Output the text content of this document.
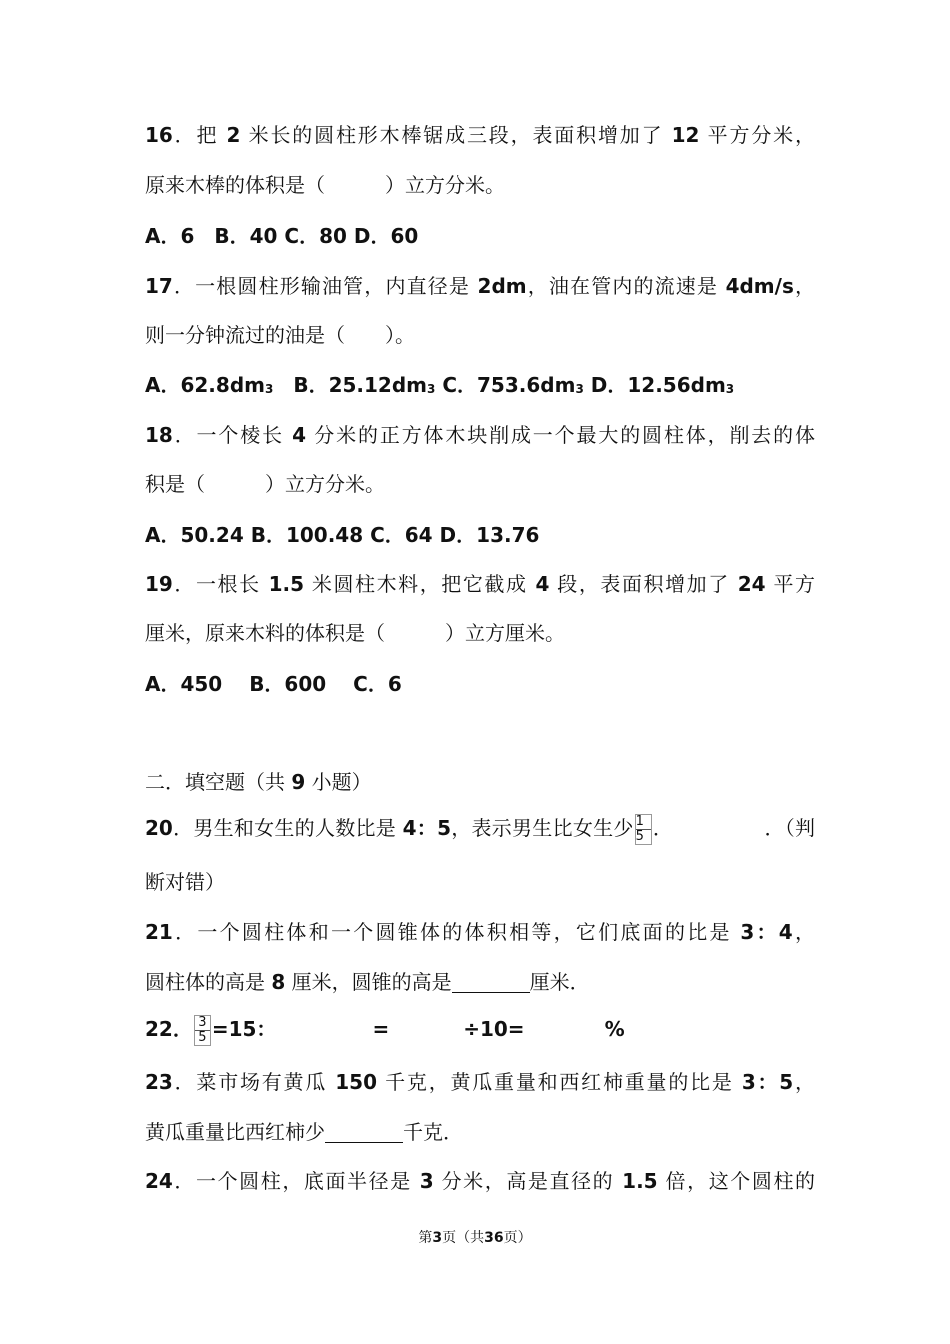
16．把 2 米长的圆柱形木棒锯成三段，表面积增加了 12 平方分米，
原来木棒的体积是（　　　）立方分米。
A．6　B．40 C．80 D．60
17．一根圆柱形输油管，内直径是 2dm，油在管内的流速是 4dm/s，
则一分钟流过的油是（　　）。
A．62.8dm3　B．25.12dm3 C．753.6dm3 D．12.56dm3
18．一个棱长 4 分米的正方体木块削成一个最大的圆柱体，削去的体
积是（　　　）立方分米。
A．50.24 B．100.48 C．64 D．13.76
19．一根长 1.5 米圆柱木料，把它截成 4 段，表面积增加了 24 平方
厘米，原来木料的体积是（　　　）立方厘米。
A．450　 B．600　 C．6
二．填空题（共 9 小题）
20．男生和女生的人数比是 4：5，表示男生比女生少 $\frac{1}{5}$ ．　　　　　．（判
断对错）
21．一个圆柱体和一个圆锥体的体积相等，它们底面的比是 3：4，
圆柱体的高是 8 厘米，圆锥的高是	厘米．
22． $\frac{3}{5} =15$：	=	÷10=	%
23．菜市场有黄瓜 150 千克，黄瓜重量和西红柿重量的比是 3：5，
黄瓜重量比西红柿少	千克．
24．一个圆柱，底面半径是 3 分米，高是直径的 1.5 倍，这个圆柱的
第3页（共36页）
